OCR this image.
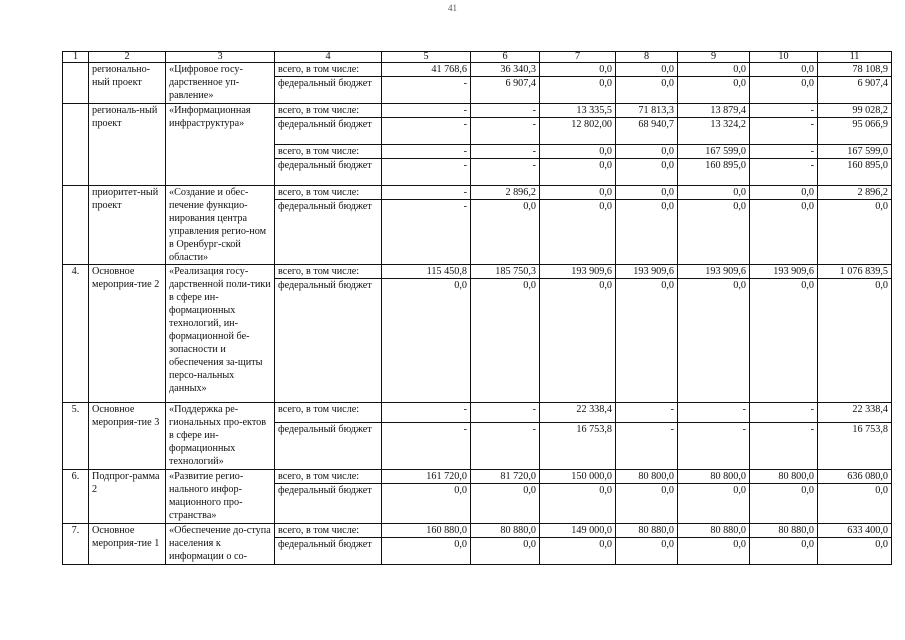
41
1	2	3	4	5	6	7	8	9	10	11
	регионально-ный проект	«Цифровое госу-дарственное уп-равление»	всего, в том числе:	41 768,6	36 340,3	0,0	0,0	0,0	0,0	78 108,9
			федеральный бюджет	-	6 907,4	0,0	0,0	0,0	0,0	6 907,4
	региональ-ный проект	«Информационная инфраструктура»	всего, в том числе:	-	-	13 335,5	71 813,3	13 879,4	-	99 028,2
			федеральный бюджет	-	-	12 802,00	68 940,7	13 324,2	-	95 066,9
			всего, в том числе:	-	-	0,0	0,0	167 599,0	-	167 599,0
			федеральный бюджет	-	-	0,0	0,0	160 895,0	-	160 895,0
	приоритет-ный проект	«Создание и обес-печение функцио-нирования центра управления регио-ном в Оренбург-ской области»	всего, в том числе:	-	2 896,2	0,0	0,0	0,0	0,0	2 896,2
			федеральный бюджет	-	0,0	0,0	0,0	0,0	0,0	0,0
4.	Основное мероприя-тие 2	«Реализация госу-дарственной поли-тики в сфере ин-формационных технологий, ин-формационной бе-зопасности и обеспечения за-щиты персо-нальных данных»	всего, в том числе:	115 450,8	185 750,3	193 909,6	193 909,6	193 909,6	193 909,6	1 076 839,5
			федеральный бюджет	0,0	0,0	0,0	0,0	0,0	0,0	0,0
5.	Основное мероприя-тие 3	«Поддержка ре-гиональных про-ектов в сфере ин-формационных технологий»	всего, в том числе:	-	-	22 338,4	-	-	-	22 338,4
			федеральный бюджет	-	-	16 753,8	-	-	-	16 753,8
6.	Подпрог-рамма 2	«Развитие регио-нального инфор-мационного про-странства»	всего, в том числе:	161 720,0	81 720,0	150 000,0	80 800,0	80 800,0	80 800,0	636 080,0
			федеральный бюджет	0,0	0,0	0,0	0,0	0,0	0,0	0,0
7.	Основное мероприя-тие 1	«Обеспечение до-ступа населения к информации о со-	всего, в том числе:	160 880,0	80 880,0	149 000,0	80 880,0	80 880,0	80 880,0	633 400,0
			федеральный бюджет	0,0	0,0	0,0	0,0	0,0	0,0	0,0
